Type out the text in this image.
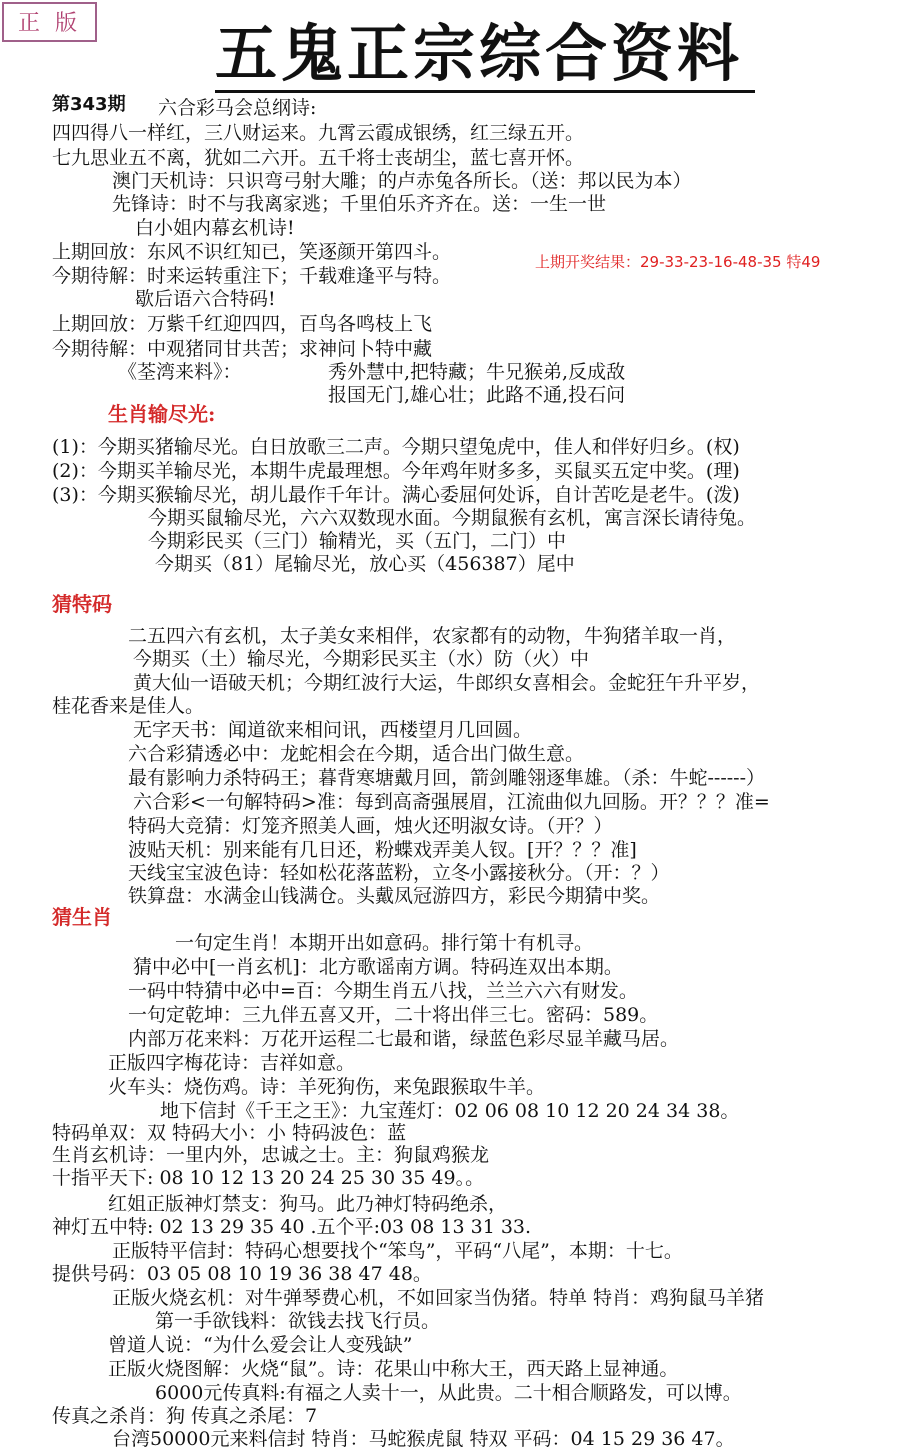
正 版 五鬼正宗综合资料
第343期
上期开奖结果：29-33-23-16-48-35 特49
生肖输尽光:
猜特码
猜生肖
六合彩马会总纲诗:
四四得八一样红，三八财运来。九霄云霞成银绣，红三绿五开。
七九思业五不离，犹如二六开。五千将士丧胡尘，蓝七喜开怀。
澳门天机诗：只识弯弓射大雕；的卢赤兔各所长。（送：邦以民为本）
先锋诗：时不与我离家逃；千里伯乐齐齐在。送：一生一世
白小姐内幕玄机诗!
上期回放：东风不识红知已，笑逐颜开第四斗。
今期待解：时来运转重注下；千载难逢平与特。
歇后语六合特码!
上期回放：万紫千红迎四四，百鸟各鸣枝上飞
今期待解：中观猪同甘共苦；求神问卜特中藏
《荃湾来料》：	秀外慧中,把特藏；牛兄猴弟,反成敌
报国无门,雄心壮；此路不通,投石问
(1)：今期买猪输尽光。白日放歌三二声。今期只望兔虎中，佳人和伴好归乡。(权)
(2)：今期买羊输尽光，本期牛虎最理想。今年鸡年财多多，买鼠买五定中奖。(理)
(3)：今期买猴输尽光，胡儿最作千年计。满心委屈何处诉，自计苦吃是老牛。(泼)
今期买鼠输尽光，六六双数现水面。今期鼠猴有玄机，寓言深长请待兔。
今期彩民买（三门）输精光，买（五门，二门）中
今期买（81）尾输尽光，放心买（456387）尾中
二五四六有玄机，太子美女来相伴，农家都有的动物，牛狗猪羊取一肖，
今期买（土）输尽光，今期彩民买主（水）防（火）中
黄大仙一语破天机；今期红波行大运，牛郎织女喜相会。金蛇狂午升平岁，
桂花香来是佳人。
无字天书：闻道欲来相问讯，西楼望月几回圆。
六合彩猜透必中：龙蛇相会在今期，适合出门做生意。
最有影响力杀特码王；暮背寒塘戴月回，箭剑雕翎逐隼雄。（杀：牛蛇------）
六合彩<一句解特码>准：每到高斋强展眉，江流曲似九回肠。开？？？准=
特码大竞猜：灯笼齐照美人画，烛火还明淑女诗。（开？）
波贴天机：别来能有几日还，粉蝶戏弄美人钗。[开？？？准]
天线宝宝波色诗：轻如松花落蓝粉，立冬小露接秋分。（开：？）
铁算盘：水满金山钱满仓。头戴凤冠游四方，彩民今期猜中奖。
一句定生肖！本期开出如意码。排行第十有机寻。
猜中必中[一肖玄机]：北方歌谣南方调。特码连双出本期。
一码中特猜中必中=百：今期生肖五八找，兰兰六六有财发。
一句定乾坤：三九伴五喜又开，二十将出伴三七。密码：589。
内部万花来料：万花开运程二七最和谐，绿蓝色彩尽显羊藏马居。
正版四字梅花诗：吉祥如意。
火车头：烧伤鸡。诗：羊死狗伤，来兔跟猴取牛羊。
地下信封《千王之王》：九宝莲灯：02 06 08 10 12 20 24 34 38。
特码单双：双 特码大小：小 特码波色：蓝
生肖玄机诗：一里内外，忠诚之士。主：狗鼠鸡猴龙
十指平天下: 08 10 12 13 20 24 25 30 35 49。。
红姐正版神灯禁支：狗马。此乃神灯特码绝杀，
神灯五中特: 02 13 29 35 40 .五个平:03 08 13 31 33.
正版特平信封：特码心想要找个“笨鸟”，平码“八尾”，本期：十七。
提供号码：03 05 08 10 19 36 38 47 48。
正版火烧玄机：对牛弹琴费心机，不如回家当伪猪。特单 特肖：鸡狗鼠马羊猪
第一手欲钱料：欲钱去找飞行员。
曾道人说：“为什么爱会让人变残缺”
正版火烧图解：火烧“鼠”。诗：花果山中称大王，西天路上显神通。
6000元传真料:有福之人卖十一，从此贵。二十相合顺路发，可以博。
传真之杀肖：狗 传真之杀尾：7
台湾50000元来料信封 特肖：马蛇猴虎鼠 特双 平码：04 15 29 36 47。
